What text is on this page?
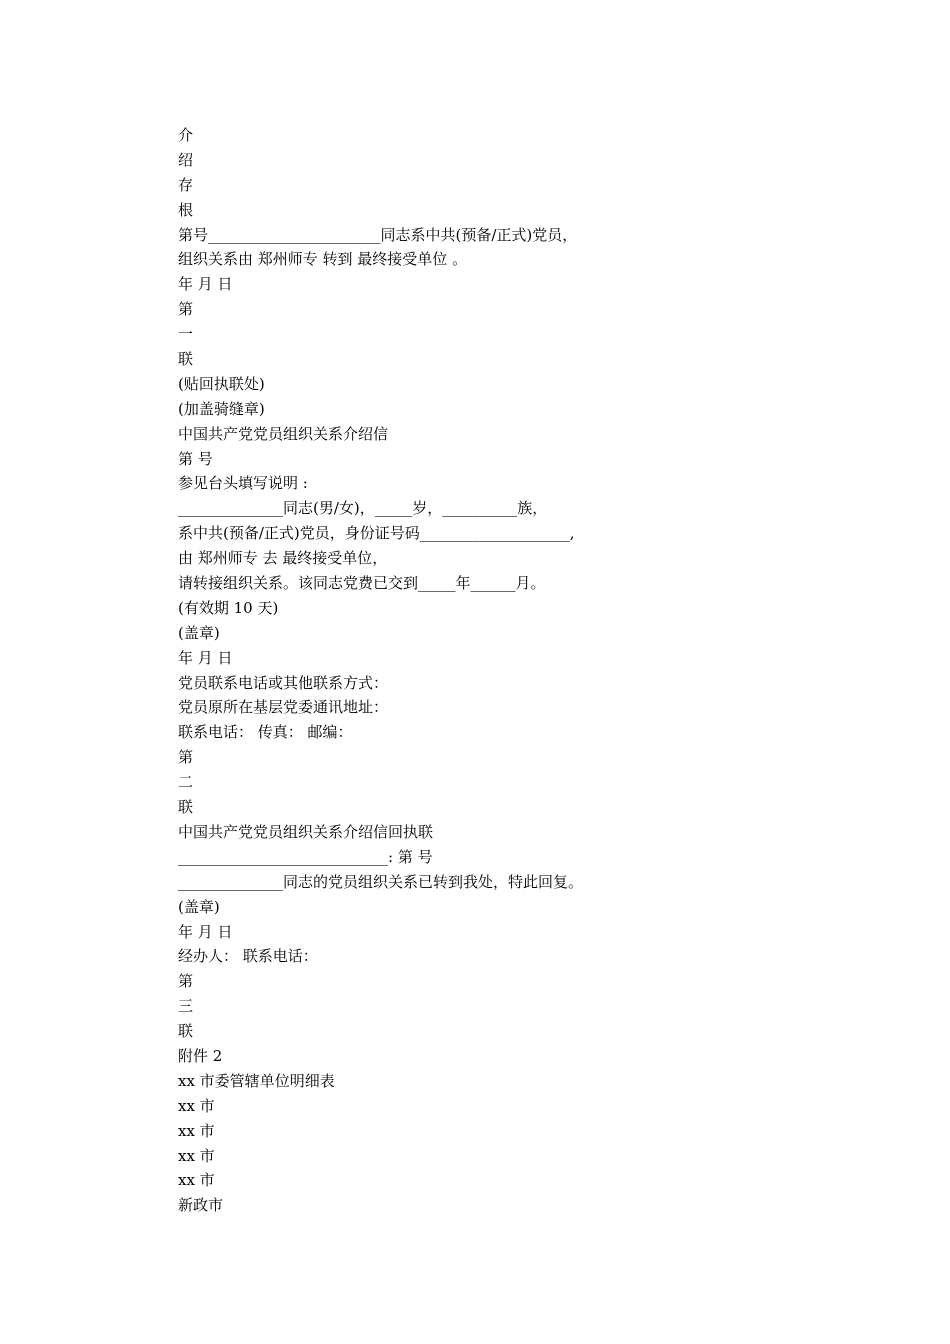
介

绍

存

根

第号_______________________同志系中共(预备/正式)党员，

组织关系由 郑州师专 转到 最终接受单位 。

年 月 日

第

一

联

(贴回执联处)

(加盖骑缝章)

中国共产党党员组织关系介绍信

第 号

参见台头填写说明 :

______________同志(男/女)，_____岁，__________族，

系中共(预备/正式)党员，身份证号码____________________,

由 郑州师专 去 最终接受单位，

请转接组织关系。该同志党费已交到_____年______月。

(有效期 10 天)

(盖章)

年 月 日

党员联系电话或其他联系方式：

党员原所在基层党委通讯地址：

联系电话： 传真： 邮编：

第

二

联

中国共产党党员组织关系介绍信回执联

____________________________: 第 号

______________同志的党员组织关系已转到我处，特此回复。

(盖章)

年 月 日

经办人： 联系电话：

第

三

联

附件 2

xx 市委管辖单位明细表

xx 市

xx 市

xx 市

xx 市

新政市
